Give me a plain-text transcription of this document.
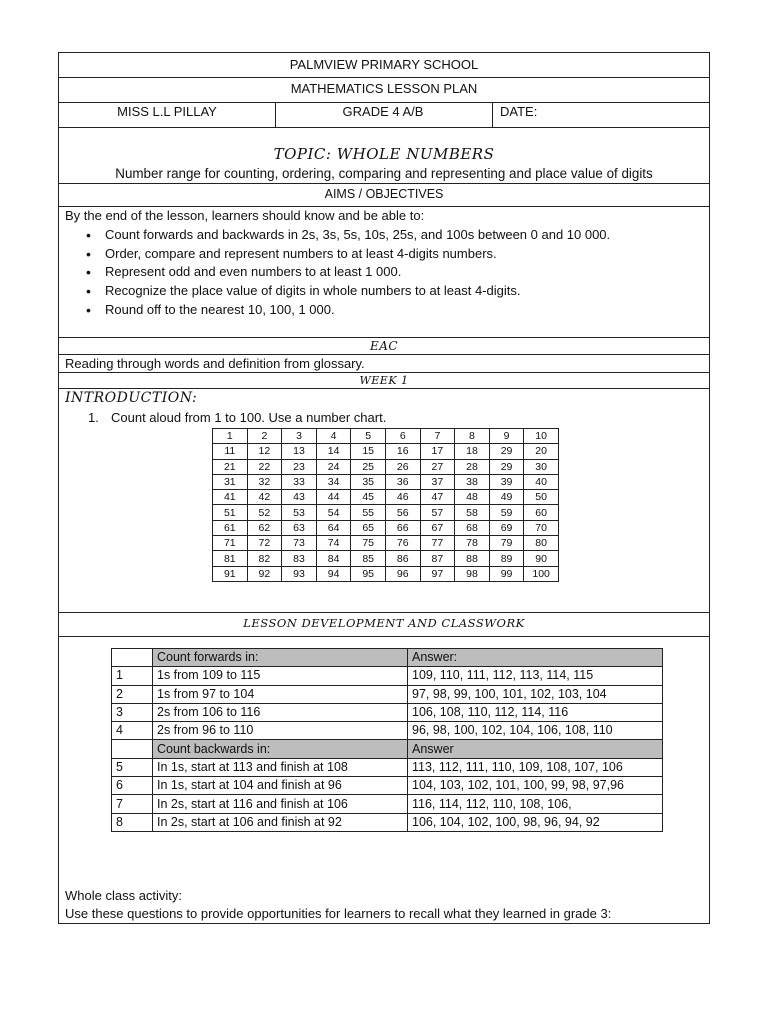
PALMVIEW PRIMARY SCHOOL
MATHEMATICS LESSON PLAN
MISS L.L PILLAY	GRADE 4 A/B	DATE:
TOPIC: WHOLE NUMBERS
Number range for counting, ordering, comparing and representing and place value of digits
AIMS / OBJECTIVES
By the end of the lesson, learners should know and be able to:
• Count forwards and backwards in 2s, 3s, 5s, 10s, 25s, and 100s between 0 and 10 000.
• Order, compare and represent numbers to at least 4-digits numbers.
• Represent odd and even numbers to at least 1 000.
• Recognize the place value of digits in whole numbers to at least 4-digits.
• Round off to the nearest 10, 100, 1 000.
EAC
Reading through words and definition from glossary.
WEEK 1
INTRODUCTION:
1. Count aloud from 1 to 100. Use a number chart.
1	2	3	4	5	6	7	8	9	10
11	12	13	14	15	16	17	18	29	20
21	22	23	24	25	26	27	28	29	30
31	32	33	34	35	36	37	38	39	40
41	42	43	44	45	46	47	48	49	50
51	52	53	54	55	56	57	58	59	60
61	62	63	64	65	66	67	68	69	70
71	72	73	74	75	76	77	78	79	80
81	82	83	84	85	86	87	88	89	90
91	92	93	94	95	96	97	98	99	100
LESSON DEVELOPMENT AND CLASSWORK
	Count forwards in:	Answer:
1	1s from 109 to 115	109, 110, 111, 112, 113, 114, 115
2	1s from 97 to 104	97, 98, 99, 100, 101, 102, 103, 104
3	2s from 106 to 116	106, 108, 110, 112, 114, 116
4	2s from 96 to 110	96, 98, 100, 102, 104, 106, 108, 110
	Count backwards in:	Answer
5	In 1s, start at 113 and finish at 108	113, 112, 111, 110, 109, 108, 107, 106
6	In 1s, start at 104 and finish at 96	104, 103, 102, 101, 100, 99, 98, 97,96
7	In 2s, start at 116 and finish at 106	116, 114, 112, 110, 108, 106,
8	In 2s, start at 106 and finish at 92	106, 104, 102, 100, 98, 96, 94, 92
Whole class activity:
Use these questions to provide opportunities for learners to recall what they learned in grade 3:
